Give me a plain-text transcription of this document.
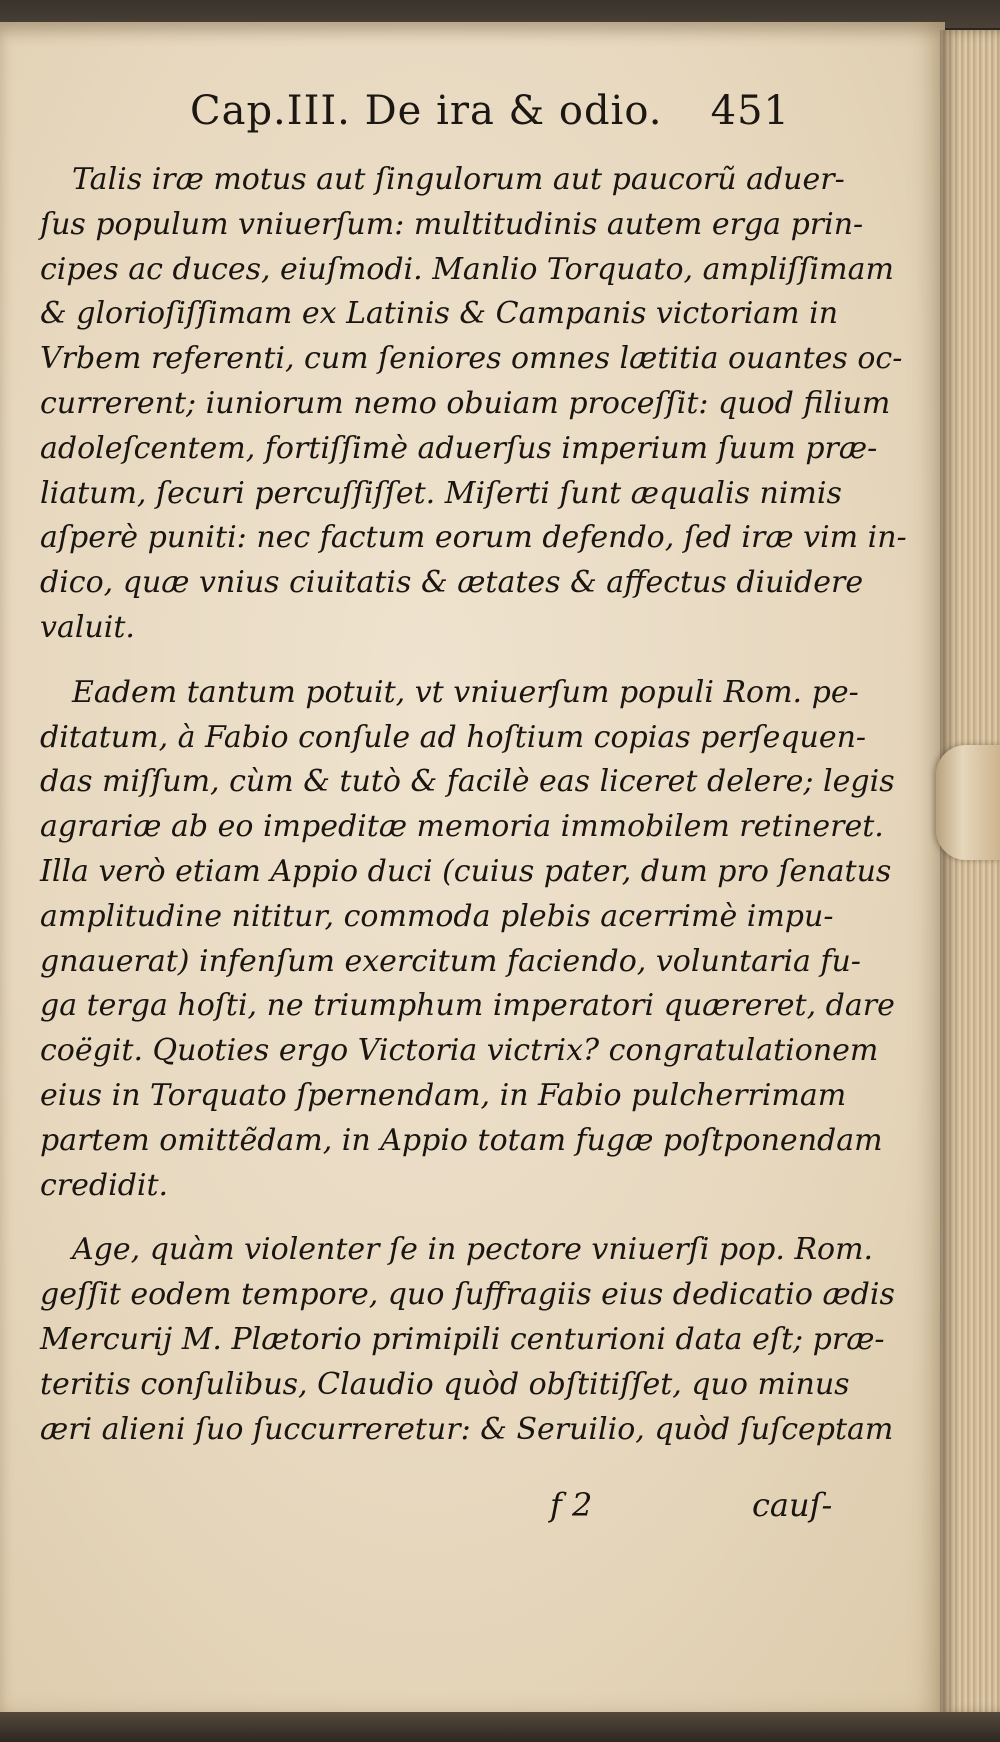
Cap.III. De ira & odio. 451
Talis iræ motus aut ſingulorum aut paucorũ aduer-
ſus populum vniuerſum: multitudinis autem erga prin-
cipes ac duces, eiuſmodi. Manlio Torquato, ampliſſimam
& glorioſiſſimam ex Latinis & Campanis victoriam in
Vrbem referenti, cum ſeniores omnes lætitia ouantes oc-
currerent; iuniorum nemo obuiam proceſſit: quod filium
adoleſcentem, fortiſſimè aduerſus imperium ſuum præ-
liatum, ſecuri percuſſiſſet. Miſerti ſunt æqualis nimis
aſperè puniti: nec factum eorum defendo, ſed iræ vim in-
dico, quæ vnius ciuitatis & ætates & affectus diuidere
valuit.
Eadem tantum potuit, vt vniuerſum populi Rom. pe-
ditatum, à Fabio conſule ad hoſtium copias perſequen-
das miſſum, cùm & tutò & facilè eas liceret delere; legis
agrariæ ab eo impeditæ memoria immobilem retineret.
Illa verò etiam Appio duci (cuius pater, dum pro ſenatus
amplitudine nititur, commoda plebis acerrimè impu-
gnauerat) infenſum exercitum faciendo, voluntaria fu-
ga terga hoſti, ne triumphum imperatori quæreret, dare
coëgit. Quoties ergo Victoria victrix? congratulationem
eius in Torquato ſpernendam, in Fabio pulcherrimam
partem omittẽdam, in Appio totam fugæ poſtponendam
credidit.
Age, quàm violenter ſe in pectore vniuerſi pop. Rom.
geſſit eodem tempore, quo ſuffragiis eius dedicatio ædis
Mercurij M. Plætorio primipili centurioni data eſt; præ-
teritis conſulibus, Claudio quòd obſtitiſſet, quo minus
æri alieni ſuo ſuccurreretur: & Seruilio, quòd ſuſceptam
f 2	cauſ-
